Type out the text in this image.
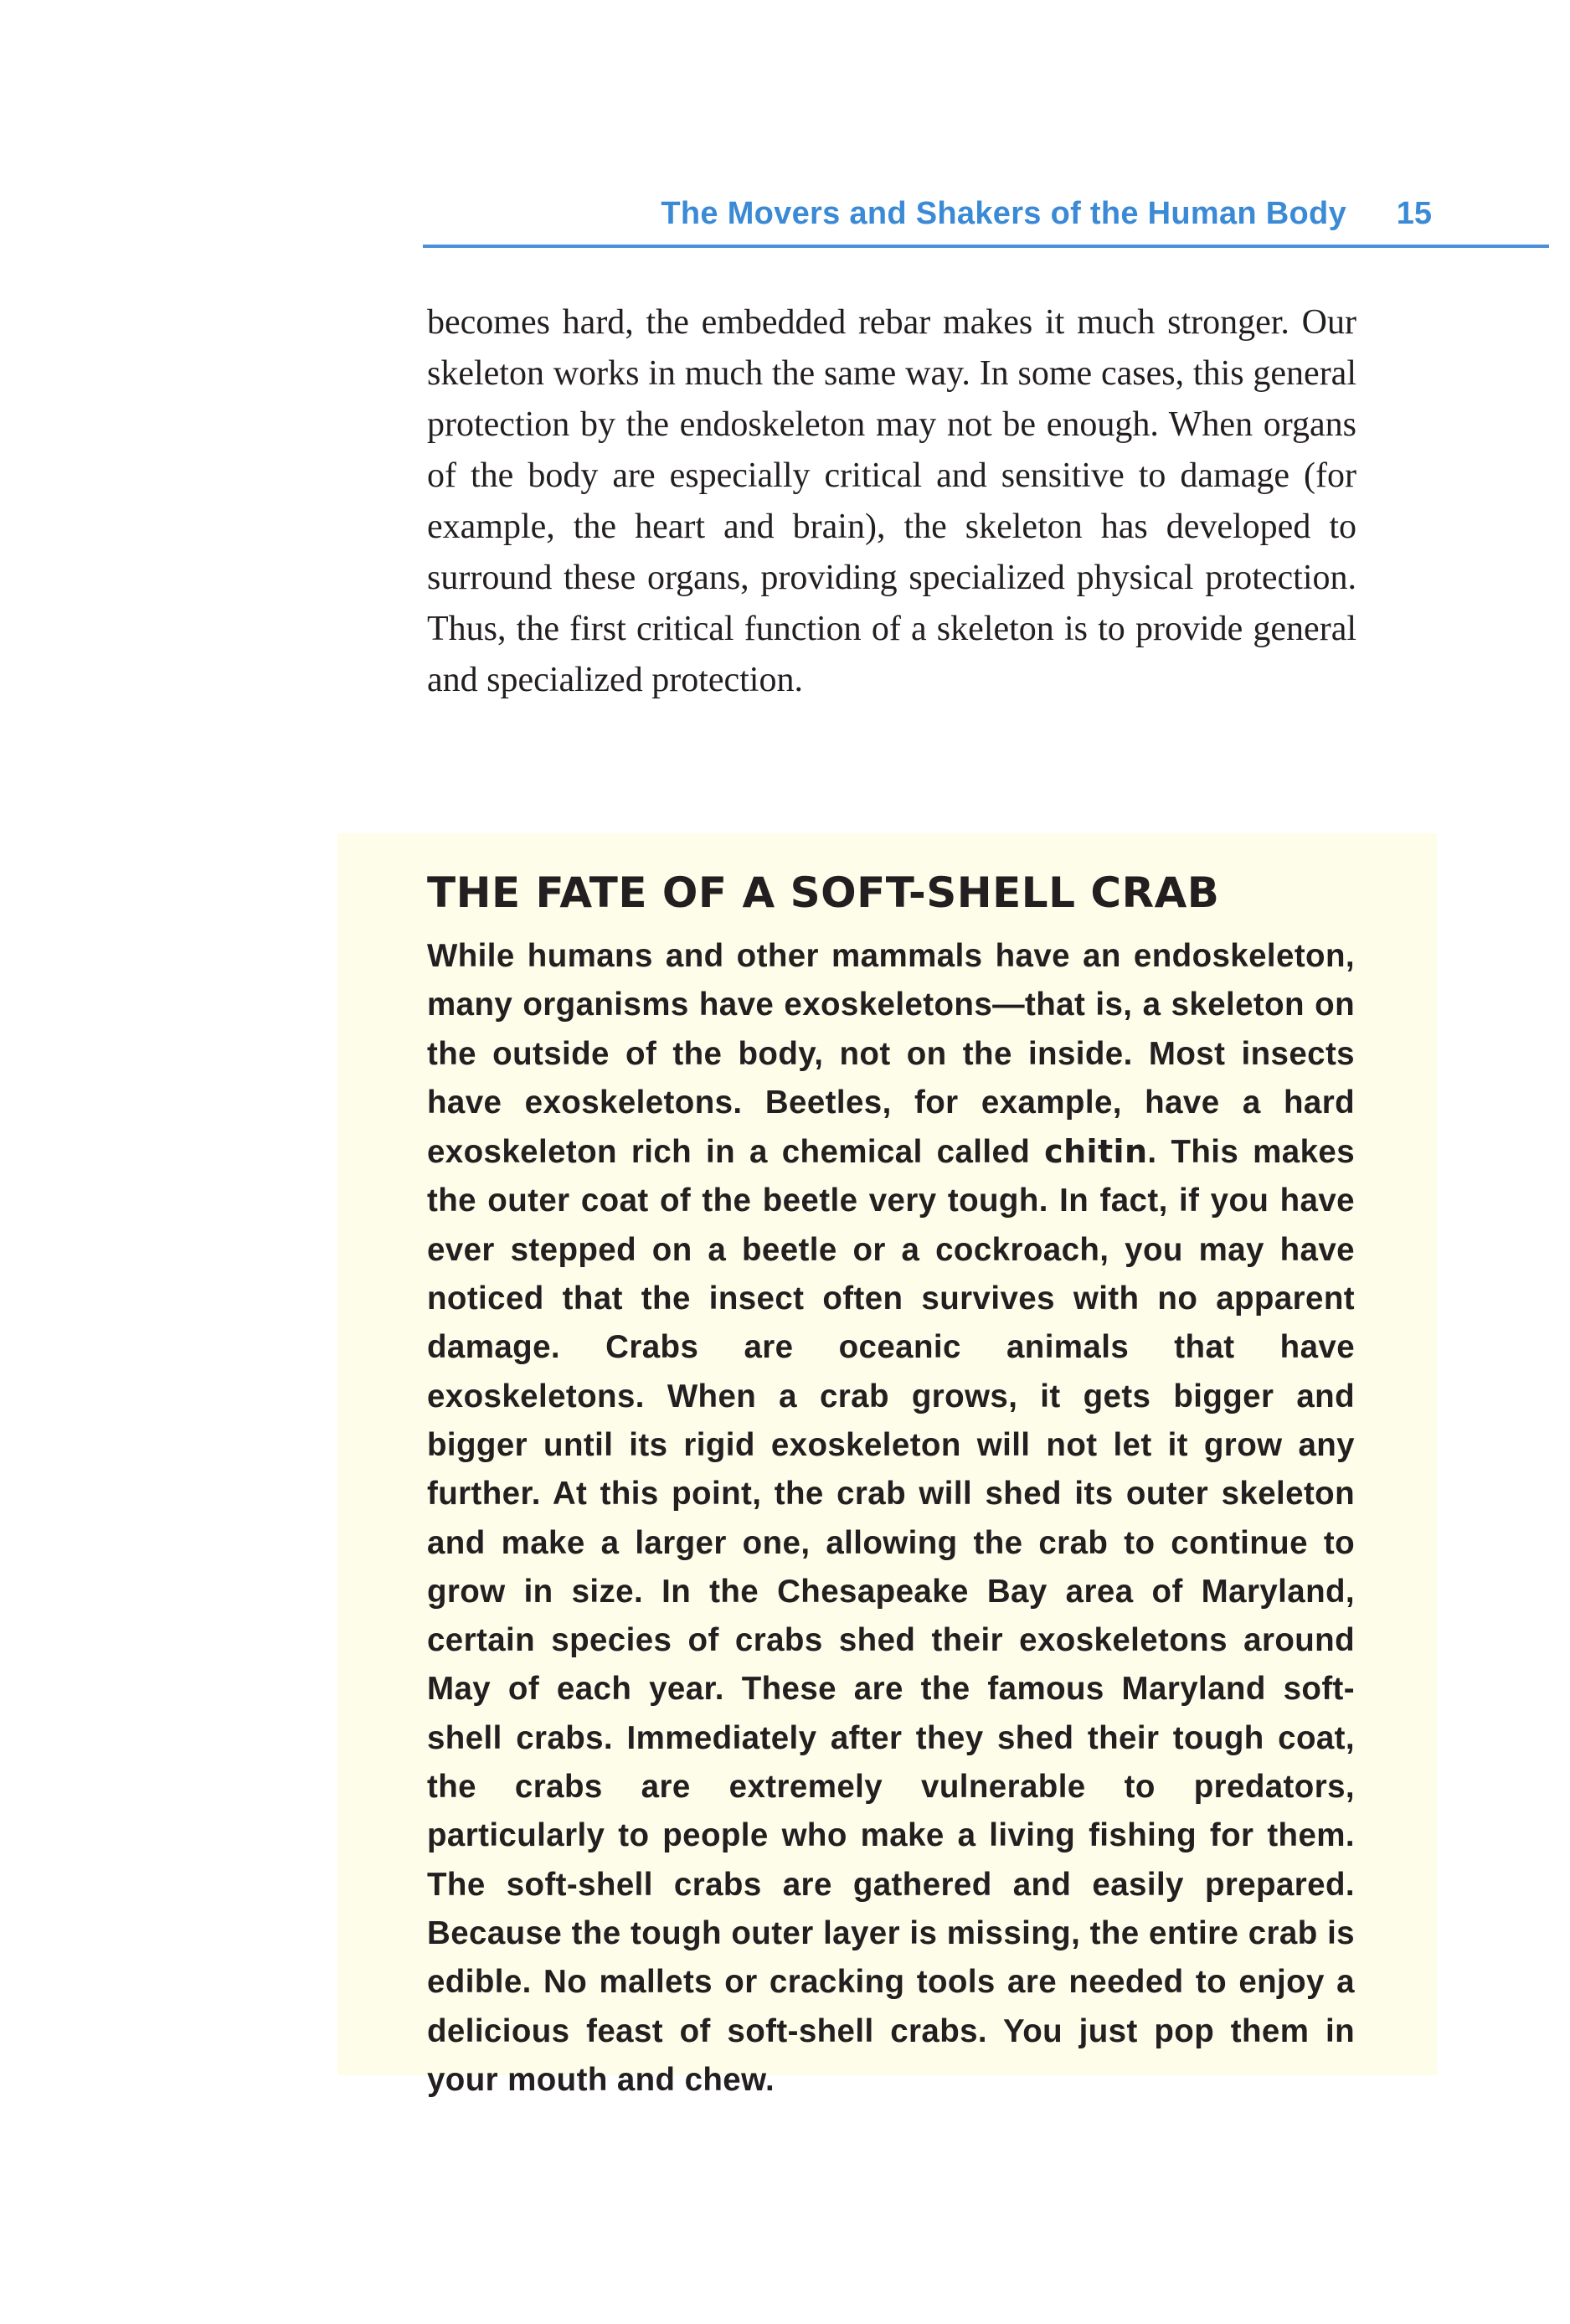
The Movers and Shakers of the Human Body 15

becomes hard, the embedded rebar makes it much stronger. Our skeleton works in much the same way. In some cases, this general protection by the endoskeleton may not be enough. When organs of the body are especially critical and sensitive to damage (for example, the heart and brain), the skeleton has developed to surround these organs, providing specialized physical protection. Thus, the first critical function of a skeleton is to provide general and specialized protection.

THE FATE OF A SOFT-SHELL CRAB

While humans and other mammals have an endoskeleton, many organisms have exoskeletons—that is, a skeleton on the outside of the body, not on the inside. Most insects have exoskeletons. Beetles, for example, have a hard exoskeleton rich in a chemical called chitin. This makes the outer coat of the beetle very tough. In fact, if you have ever stepped on a beetle or a cockroach, you may have noticed that the insect often survives with no apparent damage. Crabs are oceanic animals that have exoskeletons. When a crab grows, it gets bigger and bigger until its rigid exoskeleton will not let it grow any further. At this point, the crab will shed its outer skeleton and make a larger one, allowing the crab to continue to grow in size. In the Chesapeake Bay area of Maryland, certain species of crabs shed their exoskeletons around May of each year. These are the famous Maryland soft-shell crabs. Immediately after they shed their tough coat, the crabs are extremely vulnerable to predators, particularly to people who make a living fishing for them. The soft-shell crabs are gathered and easily prepared. Because the tough outer layer is missing, the entire crab is edible. No mallets or cracking tools are needed to enjoy a delicious feast of soft-shell crabs. You just pop them in your mouth and chew.
